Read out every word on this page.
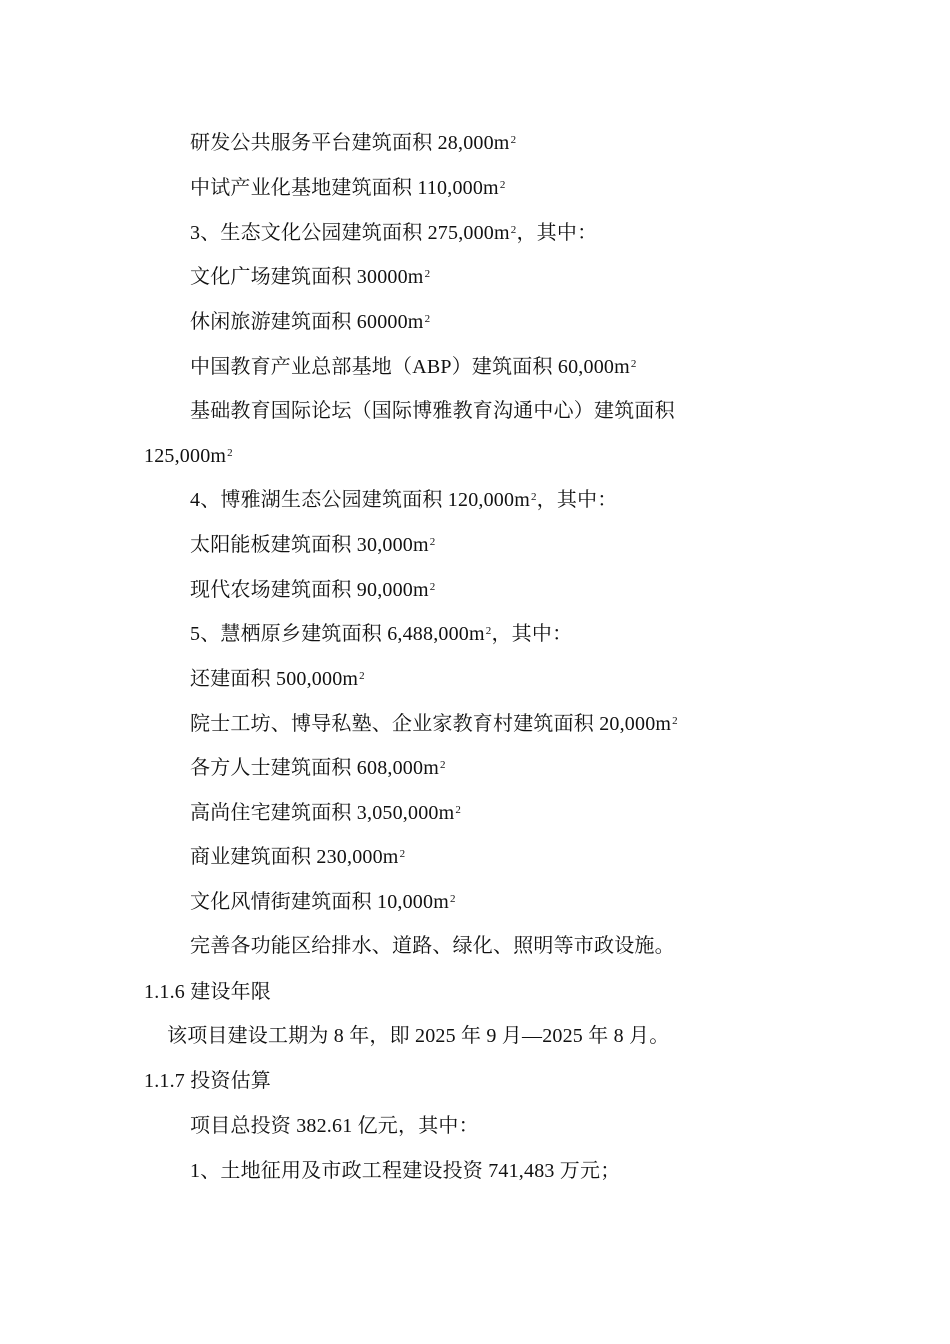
研发公共服务平台建筑面积 $28,000m^2$
中试产业化基地建筑面积 $110,000m^2$
3、生态文化公园建筑面积 $275,000m^2$，其中：
文化广场建筑面积 $30000m^2$
休闲旅游建筑面积 $60000m^2$
中国教育产业总部基地（ABP）建筑面积 $60,000m^2$
基础教育国际论坛（国际博雅教育沟通中心）建筑面积
$125,000m^2$
4、博雅湖生态公园建筑面积 $120,000m^2$，其中：
太阳能板建筑面积 $30,000m^2$
现代农场建筑面积 $90,000m^2$
5、慧栖原乡建筑面积 $6,488,000m^2$，其中：
还建面积 $500,000m^2$
院士工坊、博导私塾、企业家教育村建筑面积 $20,000m^2$
各方人士建筑面积 $608,000m^2$
高尚住宅建筑面积 $3,050,000m^2$
商业建筑面积 $230,000m^2$
文化风情街建筑面积 $10,000m^2$
完善各功能区给排水、道路、绿化、照明等市政设施。
1.1.6 建设年限
该项目建设工期为 8 年，即 2025 年 9 月—2025 年 8 月。
1.1.7 投资估算
项目总投资 382.61 亿元，其中：
1、土地征用及市政工程建设投资 741,483 万元；
